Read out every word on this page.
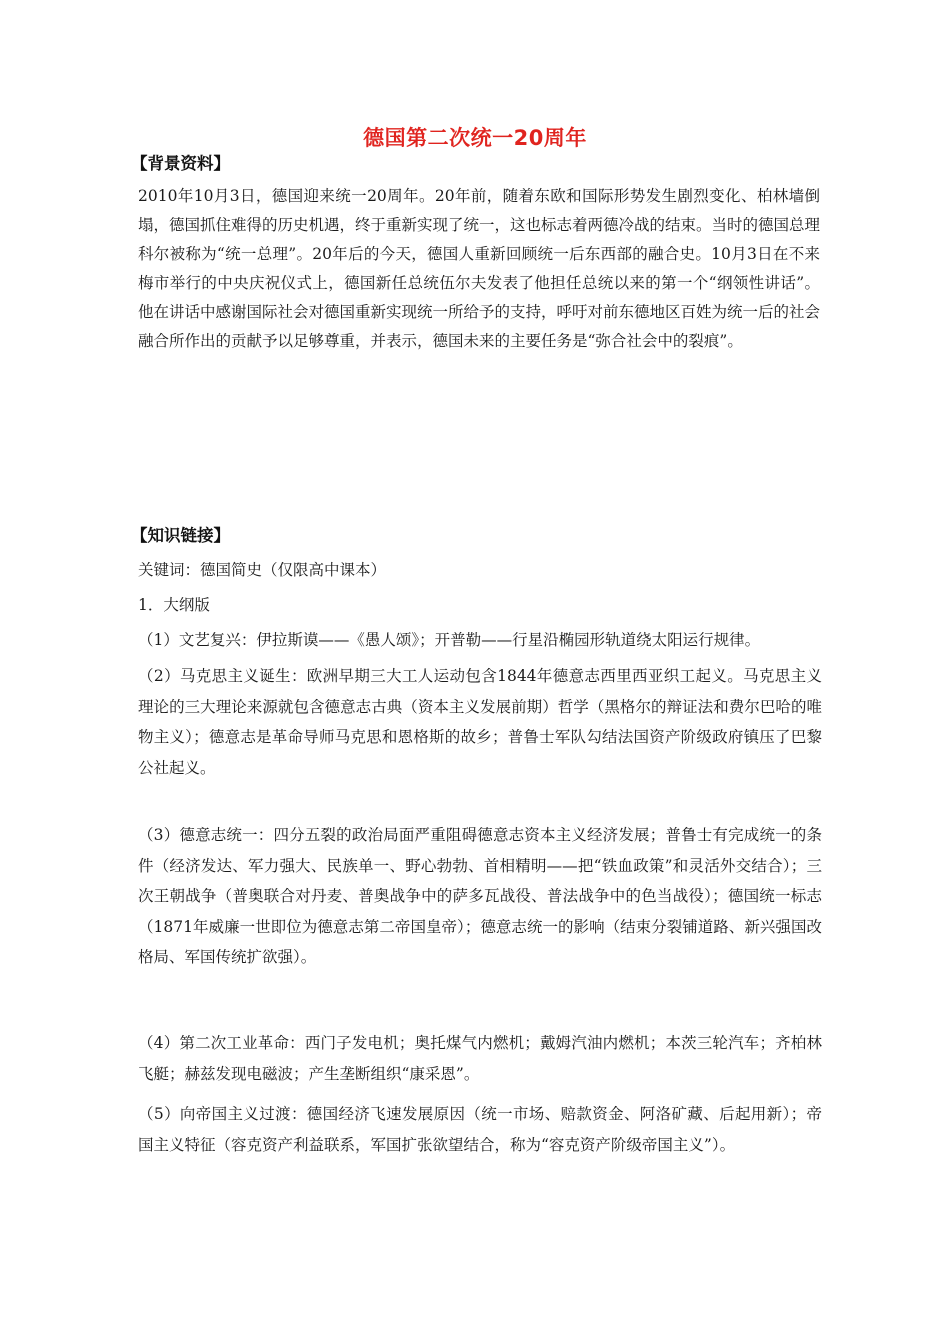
德国第二次统一20周年
【背景资料】

2010年10月3日，德国迎来统一20周年。20年前，随着东欧和国际形势发生剧烈变化、柏林墙倒塌，德国抓住难得的历史机遇，终于重新实现了统一，这也标志着两德冷战的结束。当时的德国总理科尔被称为“统一总理”。20年后的今天，德国人重新回顾统一后东西部的融合史。10月3日在不来梅市举行的中央庆祝仪式上，德国新任总统伍尔夫发表了他担任总统以来的第一个“纲领性讲话”。他在讲话中感谢国际社会对德国重新实现统一所给予的支持，呼吁对前东德地区百姓为统一后的社会融合所作出的贡献予以足够尊重，并表示，德国未来的主要任务是“弥合社会中的裂痕”。

【知识链接】

关键词：德国简史（仅限高中课本）

1．大纲版

（1）文艺复兴：伊拉斯谟——《愚人颂》；开普勒——行星沿椭园形轨道绕太阳运行规律。

（2）马克思主义诞生：欧洲早期三大工人运动包含1844年德意志西里西亚织工起义。马克思主义理论的三大理论来源就包含德意志古典（资本主义发展前期）哲学（黑格尔的辩证法和费尔巴哈的唯物主义）；德意志是革命导师马克思和恩格斯的故乡；普鲁士军队勾结法国资产阶级政府镇压了巴黎公社起义。

（3）德意志统一：四分五裂的政治局面严重阻碍德意志资本主义经济发展；普鲁士有完成统一的条件（经济发达、军力强大、民族单一、野心勃勃、首相精明——把“铁血政策”和灵活外交结合）；三次王朝战争（普奥联合对丹麦、普奥战争中的萨多瓦战役、普法战争中的色当战役）；德国统一标志（1871年威廉一世即位为德意志第二帝国皇帝）；德意志统一的影响（结束分裂铺道路、新兴强国改格局、军国传统扩欲强）。

（4）第二次工业革命：西门子发电机；奥托煤气内燃机；戴姆汽油内燃机；本茨三轮汽车；齐柏林飞艇；赫兹发现电磁波；产生垄断组织“康采恩”。

（5）向帝国主义过渡：德国经济飞速发展原因（统一市场、赔款资金、阿洛矿藏、后起用新）；帝国主义特征（容克资产利益联系，军国扩张欲望结合，称为“容克资产阶级帝国主义”）。
